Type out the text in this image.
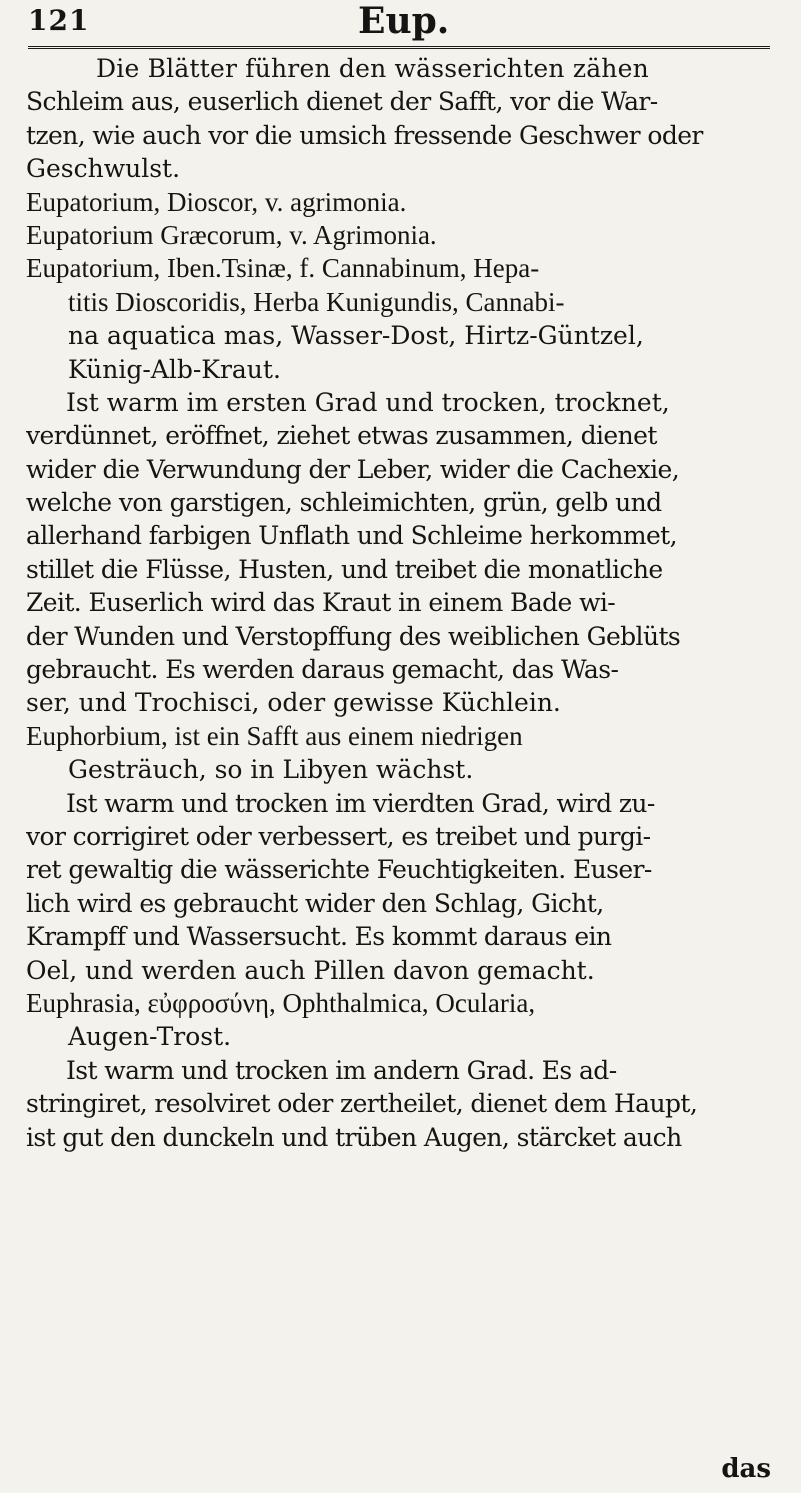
121	Eup.
Die Blätter führen den wässerichten zähen
Schleim aus, euserlich dienet der Safft, vor die War-
tzen, wie auch vor die umsich fressende Geschwer oder
Geschwulst.
Eupatorium, Dioscor, v. agrimonia.
Eupatorium Græcorum, v. Agrimonia.
Eupatorium, Iben.Tsinæ, f. Cannabinum, Hepa-
titis Dioscoridis, Herba Kunigundis, Cannabi-
na aquatica mas, Wasser-Dost, Hirtz-Güntzel,
Künig-Alb-Kraut.
Ist warm im ersten Grad und trocken, trocknet,
verdünnet, eröffnet, ziehet etwas zusammen, dienet
wider die Verwundung der Leber, wider die Cachexie,
welche von garstigen, schleimichten, grün, gelb und
allerhand farbigen Unflath und Schleime herkommet,
stillet die Flüsse, Husten, und treibet die monatliche
Zeit. Euserlich wird das Kraut in einem Bade wi-
der Wunden und Verstopffung des weiblichen Geblüts
gebraucht. Es werden daraus gemacht, das Was-
ser, und Trochisci, oder gewisse Küchlein.
Euphorbium, ist ein Safft aus einem niedrigen
Gesträuch, so in Libyen wächst.
Ist warm und trocken im vierdten Grad, wird zu-
vor corrigiret oder verbessert, es treibet und purgi-
ret gewaltig die wässerichte Feuchtigkeiten. Euser-
lich wird es gebraucht wider den Schlag, Gicht,
Krampff und Wassersucht. Es kommt daraus ein
Oel, und werden auch Pillen davon gemacht.
Euphrasia, εὐφροσύνη, Ophthalmica, Ocularia,
Augen-Trost.
Ist warm und trocken im andern Grad. Es ad-
stringiret, resolviret oder zertheilet, dienet dem Haupt,
ist gut den dunckeln und trüben Augen, stärcket auch
das
